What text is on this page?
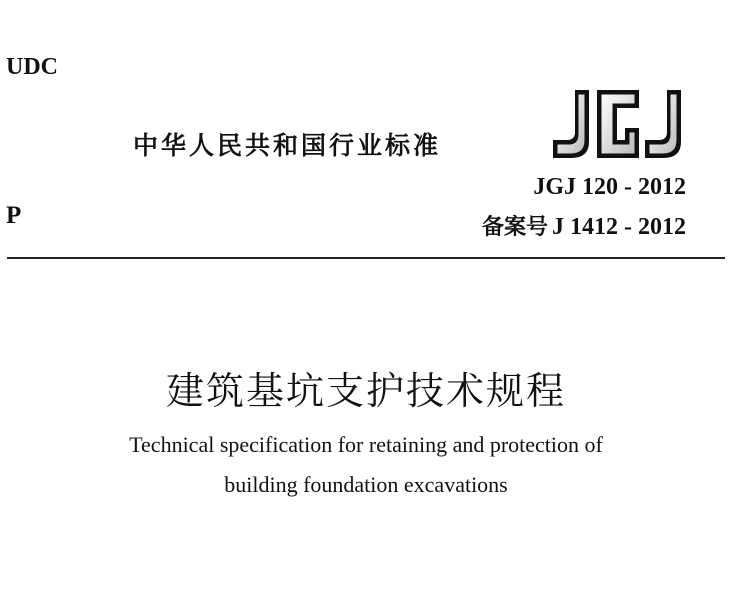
UDC
中华人民共和国行业标准
JGJ 120 - 2012
备案号 J 1412 - 2012
P
建筑基坑支护技术规程
Technical specification for retaining and protection of
building foundation excavations
